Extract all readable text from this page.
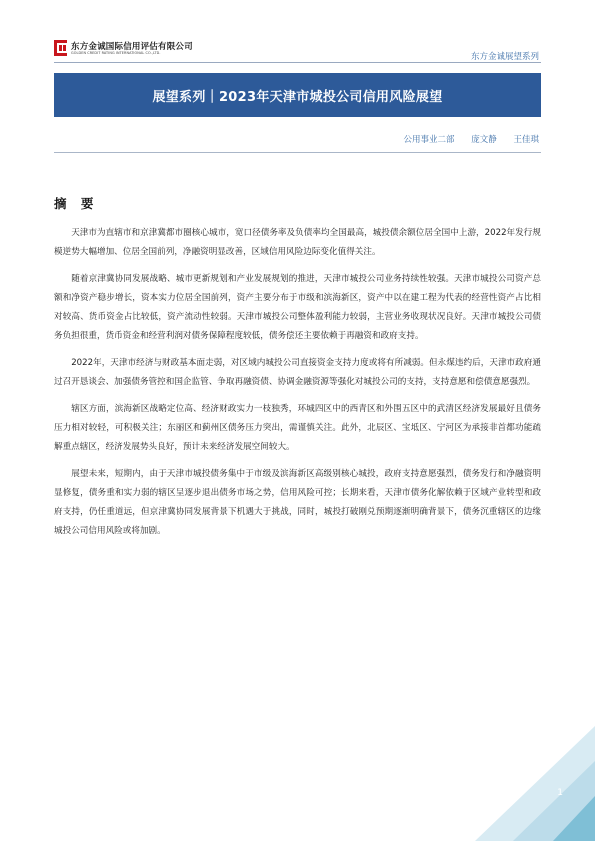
东方金诚国际信用评估有限公司
GOLDEN CREDIT RATING INTERNATIONAL CO.,LTD.	东方金诚展望系列
展望系列｜2023年天津市城投公司信用风险展望
公用事业二部 庞文静 王佳琪
摘 要

天津市为直辖市和京津冀都市圈核心城市，宽口径债务率及负债率均全国最高，城投债余额位居全国中上游，2022年发行规模逆势大幅增加、位居全国前列，净融资明显改善，区域信用风险边际变化值得关注。

随着京津冀协同发展战略、城市更新规划和产业发展规划的推进，天津市城投公司业务持续性较强。天津市城投公司资产总额和净资产稳步增长，资本实力位居全国前列，资产主要分布于市级和滨海新区，资产中以在建工程为代表的经营性资产占比相对较高、货币资金占比较低，资产流动性较弱。天津市城投公司整体盈利能力较弱，主营业务收现状况良好。天津市城投公司债务负担很重，货币资金和经营利润对债务保障程度较低，债务偿还主要依赖于再融资和政府支持。

2022年，天津市经济与财政基本面走弱，对区域内城投公司直接资金支持力度或将有所减弱。但永煤违约后，天津市政府通过召开恳谈会、加强债务管控和国企监管、争取再融资债、协调金融资源等强化对城投公司的支持，支持意愿和偿债意愿强烈。

辖区方面，滨海新区战略定位高、经济财政实力一枝独秀，环城四区中的西青区和外围五区中的武清区经济发展最好且债务压力相对较轻，可积极关注；东丽区和蓟州区债务压力突出，需谨慎关注。此外，北辰区、宝坻区、宁河区为承接非首都功能疏解重点辖区，经济发展势头良好，预计未来经济发展空间较大。

展望未来，短期内，由于天津市城投债务集中于市级及滨海新区高级别核心城投，政府支持意愿强烈，债务发行和净融资明显修复，债务重和实力弱的辖区呈逐步退出债务市场之势，信用风险可控；长期来看，天津市债务化解依赖于区域产业转型和政府支持，仍任重道远，但京津冀协同发展背景下机遇大于挑战，同时，城投打破刚兑预期逐渐明确背景下，债务沉重辖区的边缘城投公司信用风险或将加剧。

1
